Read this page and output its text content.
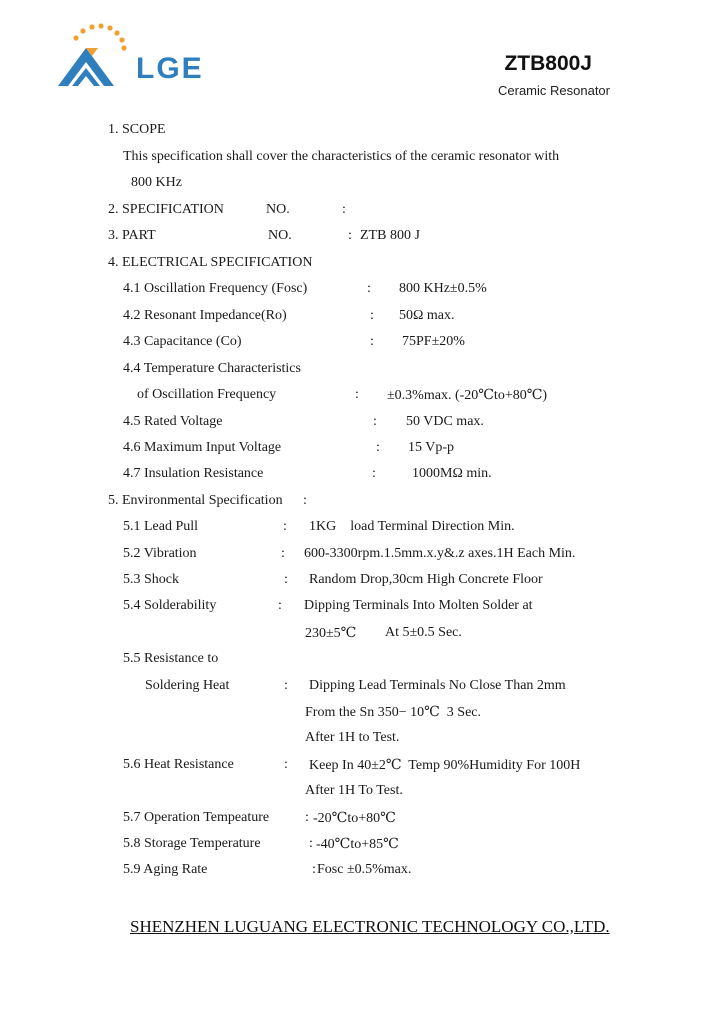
LGE	ZTB800J
Ceramic Resonator
1. SCOPE
This specification shall cover the characteristics of the ceramic resonator with
800 KHz
2. SPECIFICATION	NO.	:
3. PART	NO.	: ZTB 800 J
4. ELECTRICAL SPECIFICATION
4.1 Oscillation Frequency (Fosc)	: 800 KHz±0.5%
4.2 Resonant Impedance(Ro)	: 50Ω max.
4.3 Capacitance (Co)	: 75PF±20%
4.4 Temperature Characteristics
of Oscillation Frequency	: ±0.3%max. (-20℃to+80℃)
4.5 Rated Voltage	: 50 VDC max.
4.6 Maximum Input Voltage	: 15 Vp-p
4.7 Insulation Resistance	:	1000MΩ min.
5. Environmental Specification :
5.1 Lead Pull	: 1KG    load Terminal Direction Min.
5.2 Vibration	: 600-3300rpm.1.5mm.x.y&.z axes.1H Each Min.
5.3 Shock	: Random Drop,30cm High Concrete Floor
5.4 Solderability	: Dipping Terminals Into Molten Solder at
230±5℃ At 5±0.5 Sec.
5.5 Resistance to
Soldering Heat	: Dipping Lead Terminals No Close Than 2mm
From the Sn 350− 10℃  3 Sec.
After 1H to Test.
5.6 Heat Resistance	: Keep In 40±2℃  Temp 90%Humidity For 100H
After 1H To Test.
5.7 Operation Tempeature	: -20℃to+80℃
5.8 Storage Temperature	: -40℃to+85℃
5.9 Aging Rate	: Fosc ±0.5%max.
SHENZHEN LUGUANG ELECTRONIC TECHNOLOGY CO.,LTD.
